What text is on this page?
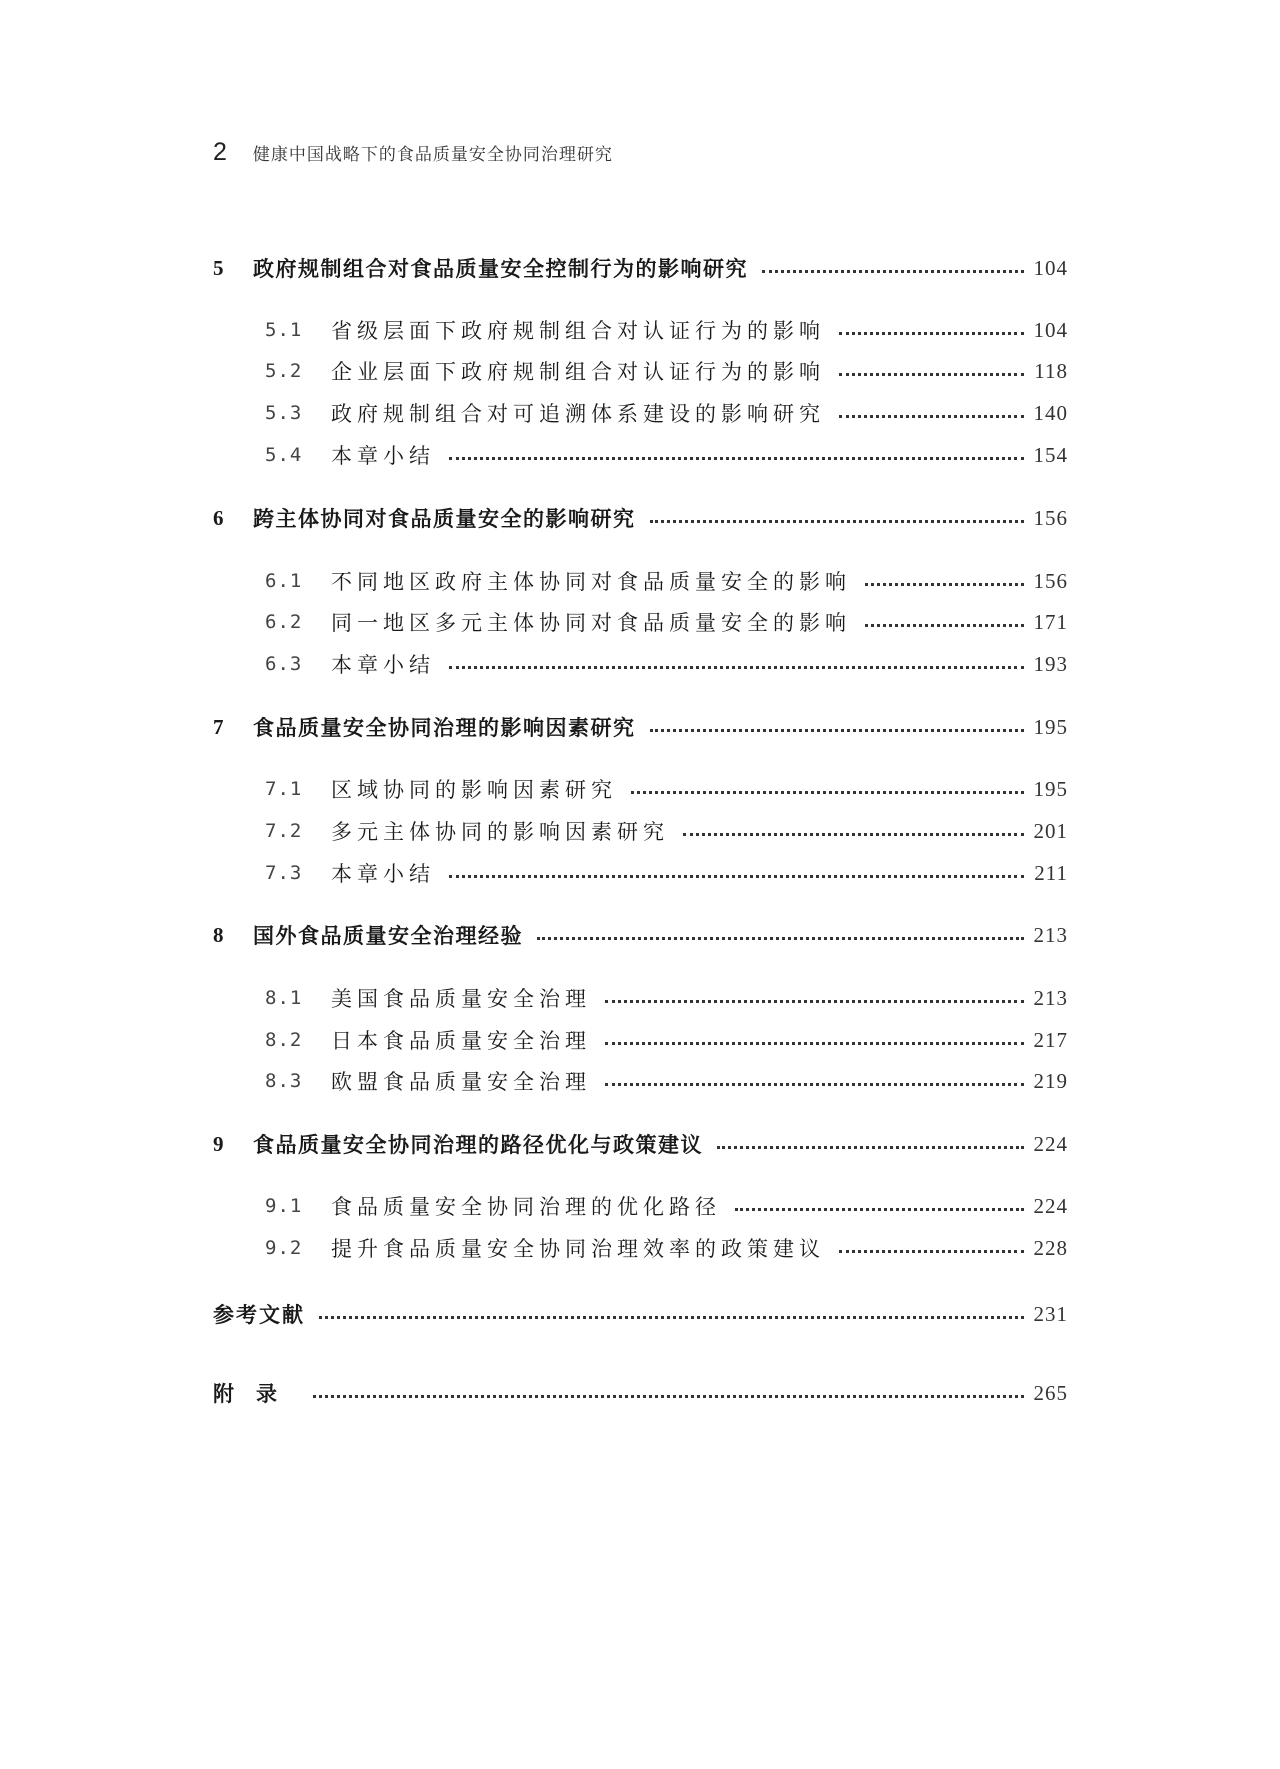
2 健康中国战略下的食品质量安全协同治理研究
5	政府规制组合对食品质量安全控制行为的影响研究	104
5.1	省级层面下政府规制组合对认证行为的影响	104
5.2	企业层面下政府规制组合对认证行为的影响	118
5.3	政府规制组合对可追溯体系建设的影响研究	140
5.4	本章小结	154
6	跨主体协同对食品质量安全的影响研究	156
6.1	不同地区政府主体协同对食品质量安全的影响	156
6.2	同一地区多元主体协同对食品质量安全的影响	171
6.3	本章小结	193
7	食品质量安全协同治理的影响因素研究	195
7.1	区域协同的影响因素研究	195
7.2	多元主体协同的影响因素研究	201
7.3	本章小结	211
8	国外食品质量安全治理经验	213
8.1	美国食品质量安全治理	213
8.2	日本食品质量安全治理	217
8.3	欧盟食品质量安全治理	219
9	食品质量安全协同治理的路径优化与政策建议	224
9.1	食品质量安全协同治理的优化路径	224
9.2	提升食品质量安全协同治理效率的政策建议	228
参考文献	231
附录	265
